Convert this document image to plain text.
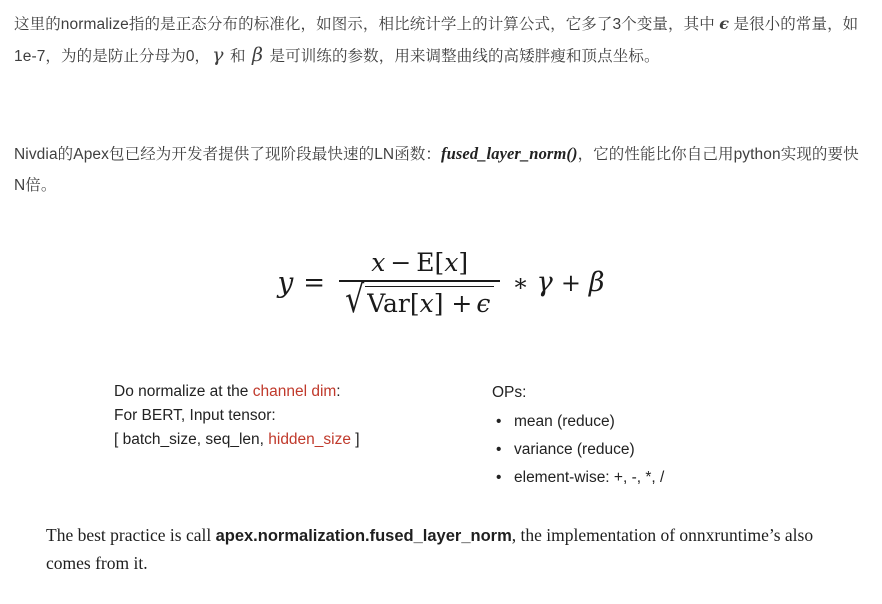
这里的normalize指的是正态分布的标准化，如图示，相比统计学上的计算公式，它多了3个变量，其中 ϵ 是很小的常量，如1e-7，为的是防止分母为0， γ 和 β 是可训练的参数，用来调整曲线的高矮胖瘦和顶点坐标。
Nivdia的Apex包已经为开发者提供了现阶段最快速的LN函数：fused_layer_norm()，它的性能比你自己用python实现的要快N倍。
$y = \frac{x - E[x]}{\text{√ Var[x] + ϵ}}$ ∗ γ + β
Do normalize at the channel dim:
For BERT, Input tensor:
[ batch_size, seq_len, hidden_size ]
OPs:
• mean (reduce)
• variance (reduce)
• element-wise: +, -, *, /
The best practice is call apex.normalization.fused_layer_norm, the implementation of onnxruntime’s also comes from it.
